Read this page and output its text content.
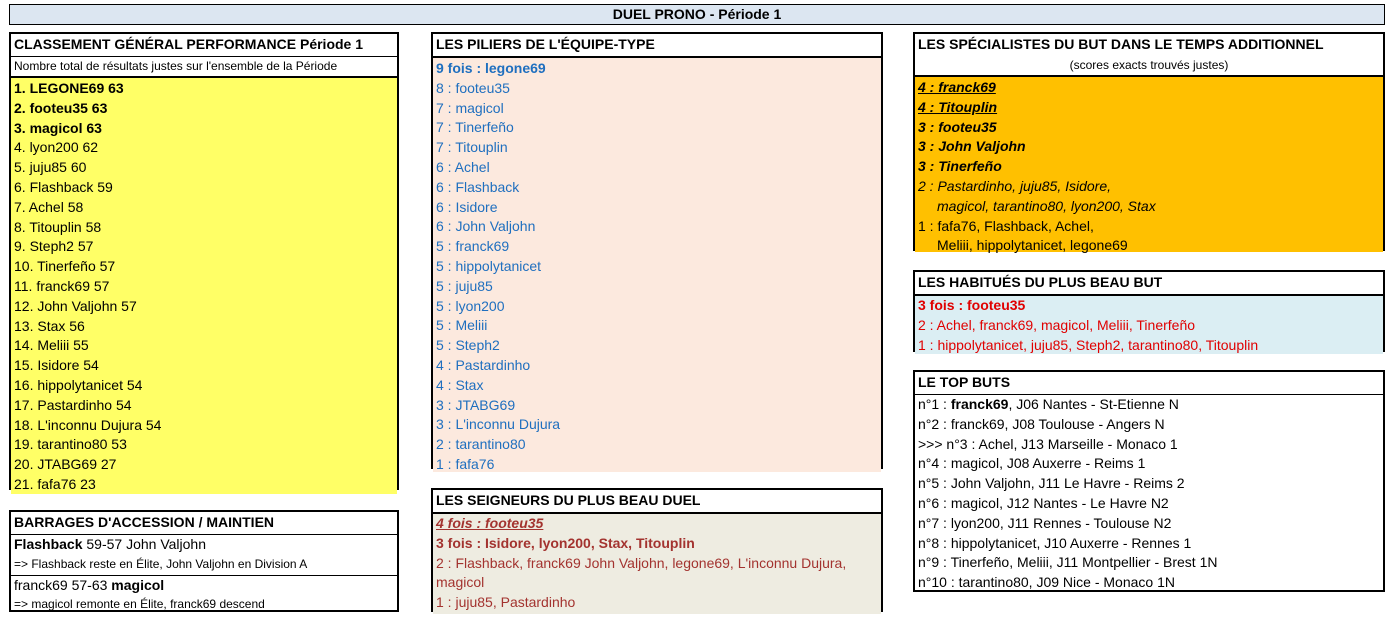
DUEL PRONO - Période 1
CLASSEMENT GÉNÉRAL PERFORMANCE Période 1
Nombre total de résultats justes sur l'ensemble de la Période
1. LEGONE69 63
2. footeu35 63
3. magicol 63
4. lyon200 62
5. juju85 60
6. Flashback 59
7. Achel 58
8. Titouplin 58
9. Steph2 57
10. Tinerfeño 57
11. franck69 57
12. John Valjohn 57
13. Stax 56
14. Meliii 55
15. Isidore 54
16. hippolytanicet 54
17. Pastardinho 54
18. L'inconnu Dujura 54
19. tarantino80 53
20. JTABG69 27
21. fafa76 23
BARRAGES D'ACCESSION / MAINTIEN
Flashback 59-57 John Valjohn
=> Flashback reste en Élite, John Valjohn en Division A
franck69 57-63 magicol
=> magicol remonte en Élite, franck69 descend
LES PILIERS DE L'ÉQUIPE-TYPE
9 fois : legone69
8 : footeu35
7 : magicol
7 : Tinerfeño
7 : Titouplin
6 : Achel
6 : Flashback
6 : Isidore
6 : John Valjohn
5 : franck69
5 : hippolytanicet
5 : juju85
5 : lyon200
5 : Meliii
5 : Steph2
4 : Pastardinho
4 : Stax
3 : JTABG69
3 : L'inconnu Dujura
2 : tarantino80
1 : fafa76
LES SEIGNEURS DU PLUS BEAU DUEL
4 fois : footeu35
3 fois : Isidore, lyon200, Stax, Titouplin
2 : Flashback, franck69 John Valjohn, legone69, L'inconnu Dujura,
magicol
1 : juju85, Pastardinho
LES SPÉCIALISTES DU BUT DANS LE TEMPS ADDITIONNEL
(scores exacts trouvés justes)
4 : franck69
4 : Titouplin
3 : footeu35
3 : John Valjohn
3 : Tinerfeño
2 : Pastardinho, juju85, Isidore,
magicol, tarantino80, lyon200, Stax
1 : fafa76, Flashback, Achel,
Meliii, hippolytanicet, legone69
LES HABITUÉS DU PLUS BEAU BUT
3 fois : footeu35
2 : Achel, franck69, magicol, Meliii, Tinerfeño
1 : hippolytanicet, juju85, Steph2, tarantino80, Titouplin
LE TOP BUTS
n°1 : franck69, J06 Nantes - St-Etienne N
n°2 : franck69, J08 Toulouse - Angers N
>>> n°3 : Achel, J13 Marseille - Monaco 1
n°4 : magicol, J08 Auxerre - Reims 1
n°5 : John Valjohn, J11 Le Havre - Reims 2
n°6 : magicol, J12 Nantes - Le Havre N2
n°7 : lyon200, J11 Rennes - Toulouse N2
n°8 : hippolytanicet, J10 Auxerre - Rennes 1
n°9 : Tinerfeño, Meliii, J11 Montpellier - Brest 1N
n°10 : tarantino80, J09 Nice - Monaco 1N
